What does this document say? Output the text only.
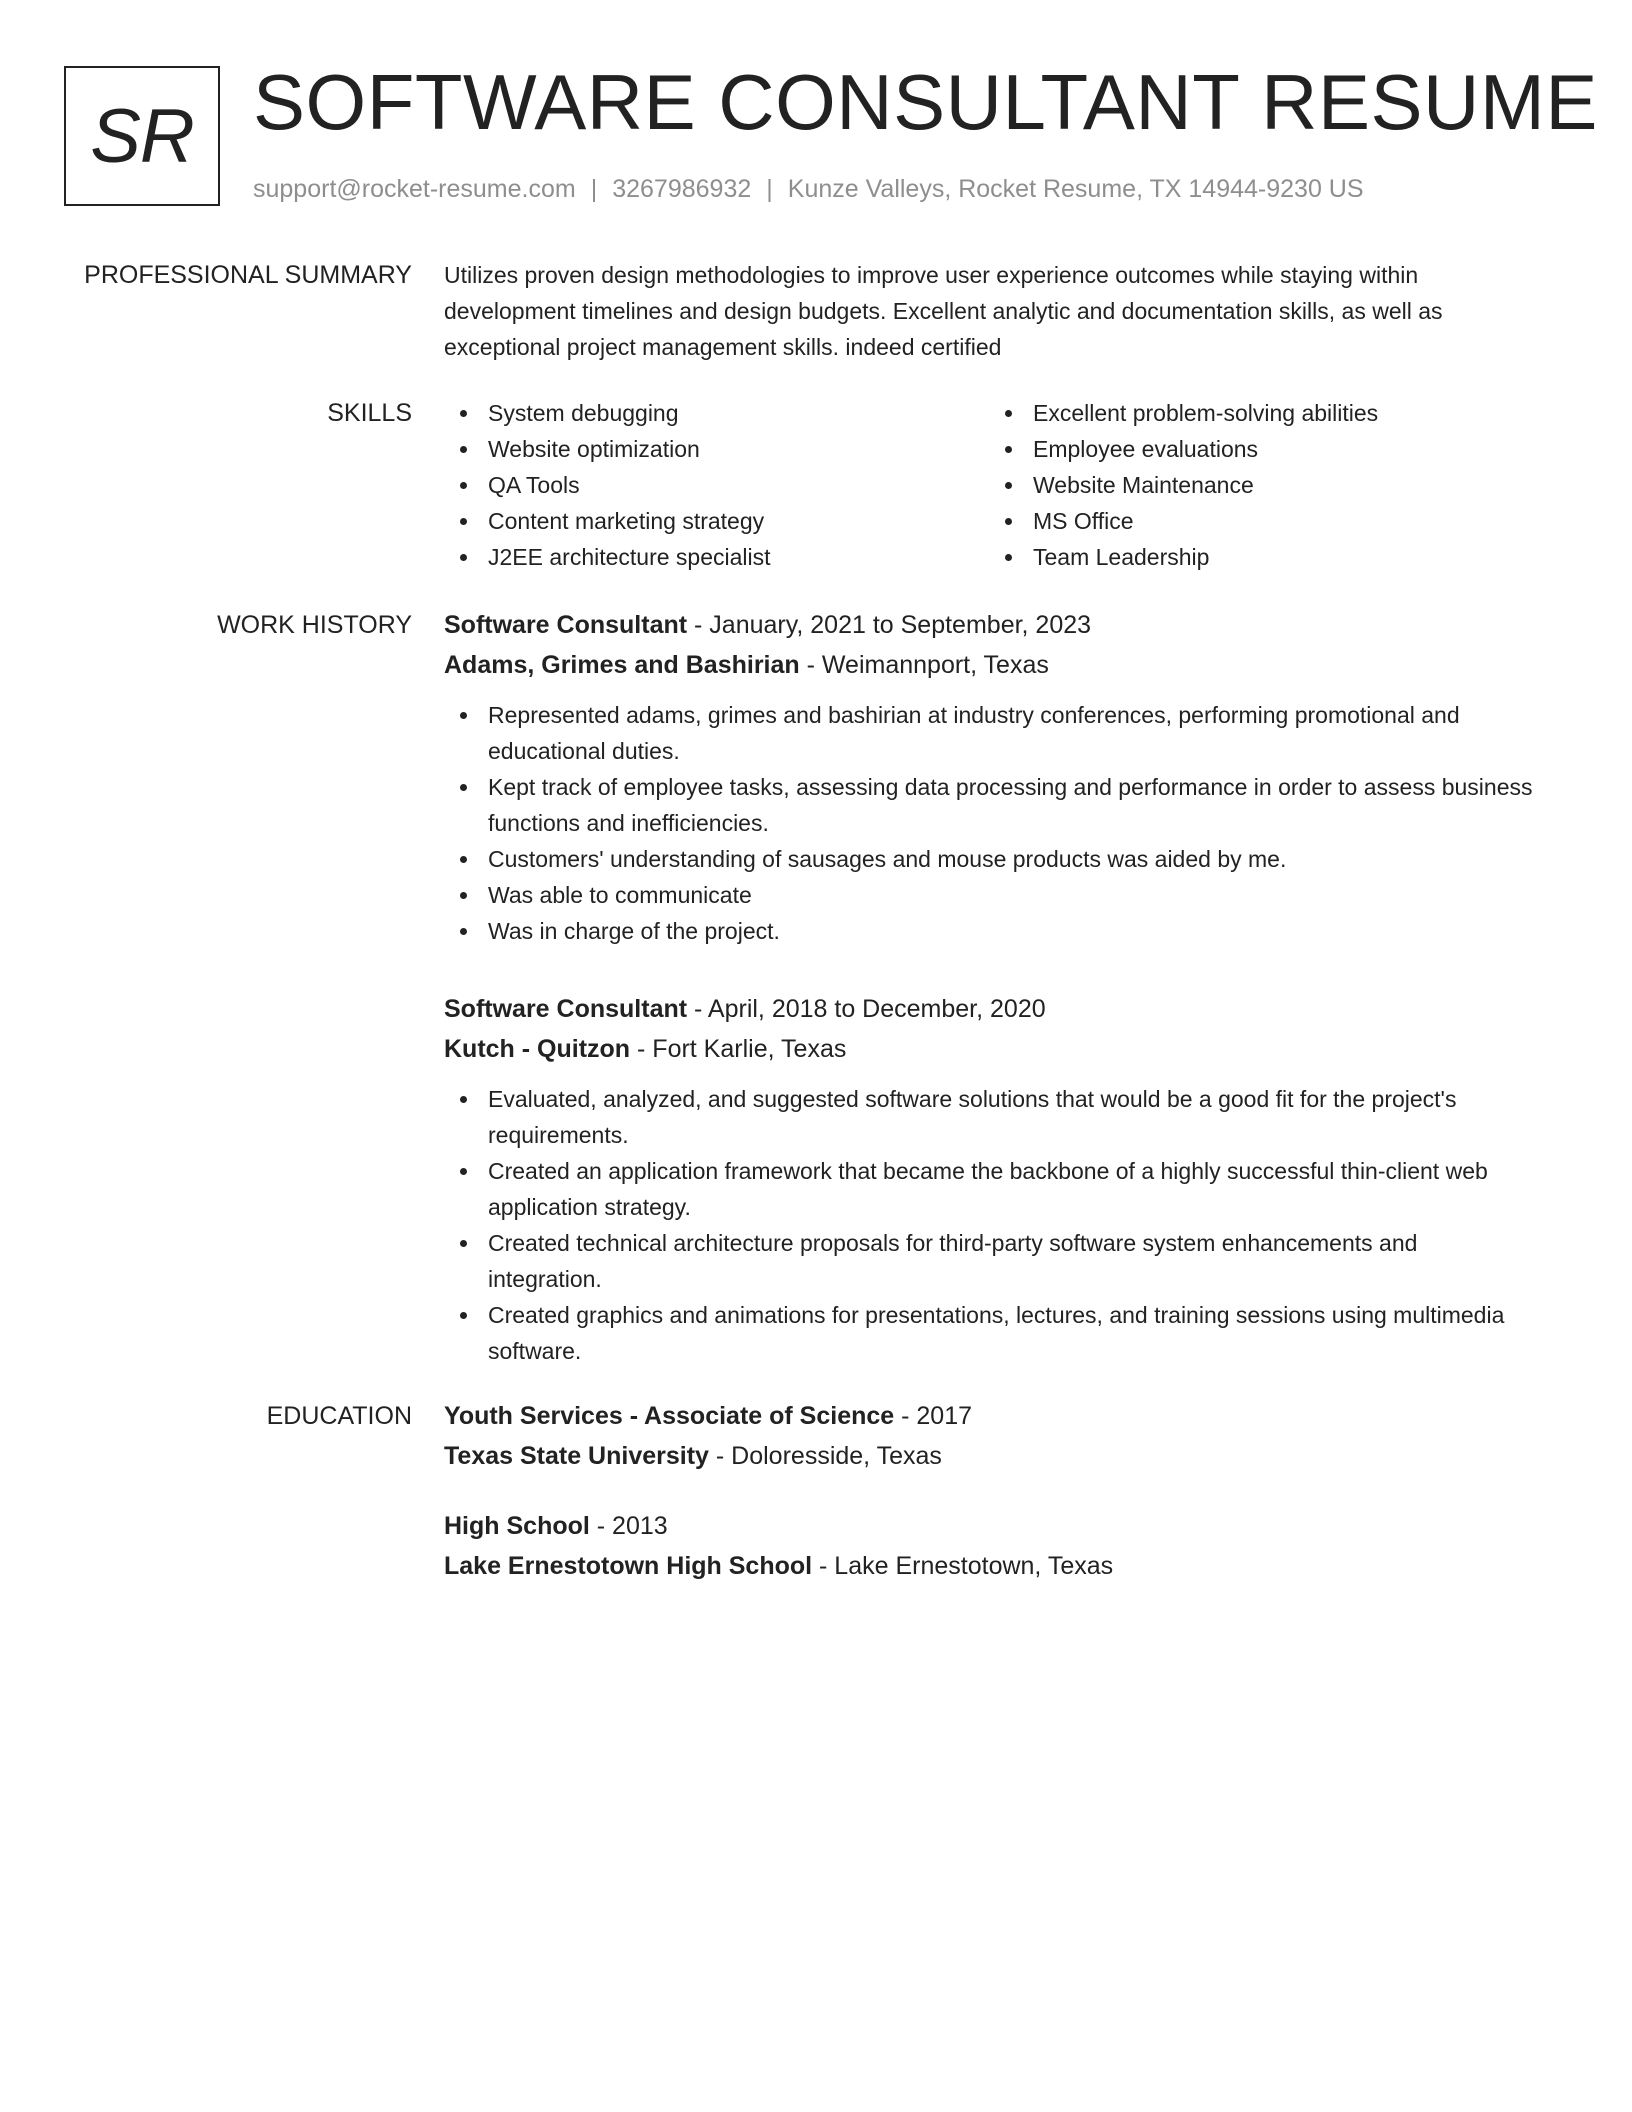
SR SOFTWARE CONSULTANT RESUME
support@rocket-resume.com | 3267986932 | Kunze Valleys, Rocket Resume, TX 14944-9230 US
PROFESSIONAL SUMMARY Utilizes proven design methodologies to improve user experience outcomes while staying within development timelines and design budgets. Excellent analytic and documentation skills, as well as exceptional project management skills. indeed certified

SKILLS	System debugging
Website optimization
QA Tools
Content marketing strategy
J2EE architecture specialist
Excellent problem-solving abilities
Employee evaluations
Website Maintenance
MS Office
Team Leadership
WORK HISTORY Software Consultant - January, 2021 to September, 2023
Adams, Grimes and Bashirian - Weimannport, Texas
Represented adams, grimes and bashirian at industry conferences, performing promotional and educational duties.
Kept track of employee tasks, assessing data processing and performance in order to assess business functions and inefficiencies.
Customers' understanding of sausages and mouse products was aided by me.
Was able to communicate
Was in charge of the project.
Software Consultant - April, 2018 to December, 2020
Kutch - Quitzon - Fort Karlie, Texas
Evaluated, analyzed, and suggested software solutions that would be a good fit for the project's requirements.
Created an application framework that became the backbone of a highly successful thin-client web application strategy.
Created technical architecture proposals for third-party software system enhancements and integration.
Created graphics and animations for presentations, lectures, and training sessions using multimedia software.
EDUCATION Youth Services - Associate of Science - 2017
Texas State University - Doloresside, Texas
High School - 2013
Lake Ernestotown High School - Lake Ernestotown, Texas
